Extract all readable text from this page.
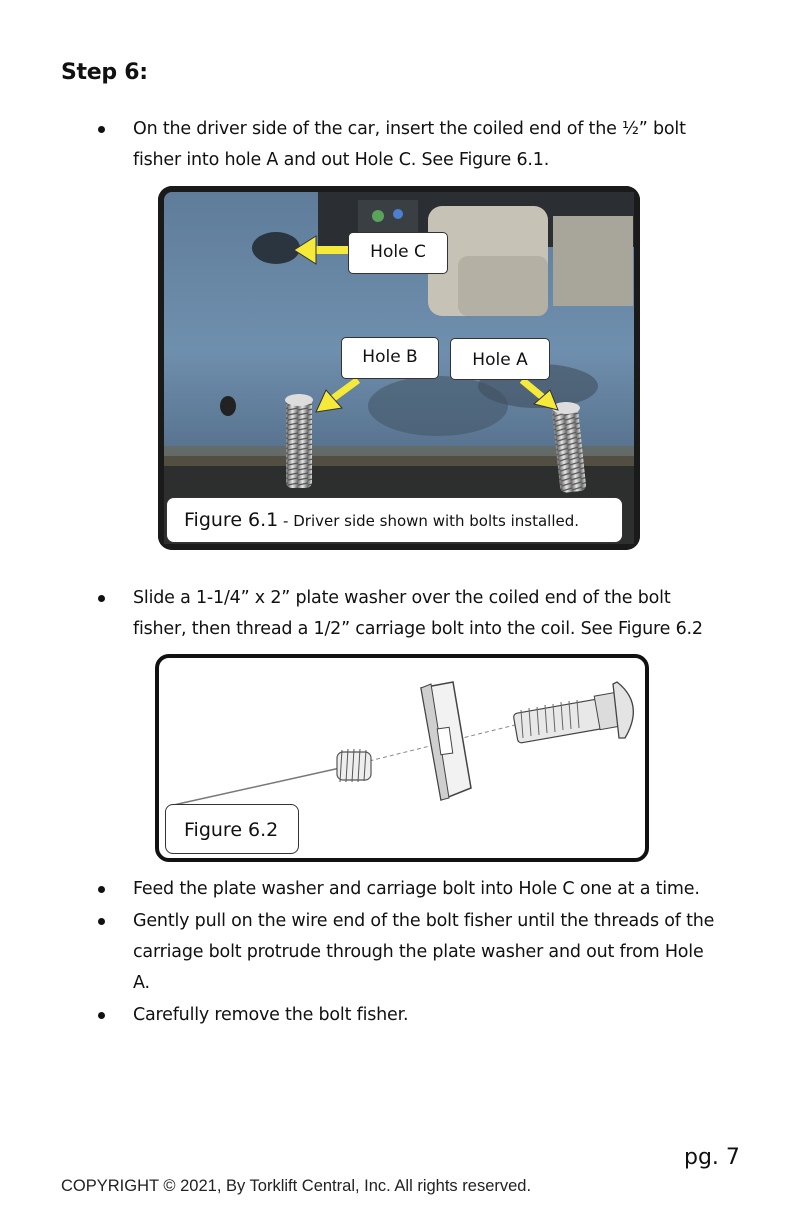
Step 6:
On the driver side of the car, insert the coiled end of the ½” bolt fisher into hole A and out Hole C. See Figure 6.1.
Hole C
Hole B	Hole A
Figure 6.1 - Driver side shown with bolts installed.
Slide a 1-1/4” x 2” plate washer over the coiled end of the bolt fisher, then thread a 1/2” carriage bolt into the coil. See Figure 6.2
Figure 6.2
Feed the plate washer and carriage bolt into Hole C one at a time.
Gently pull on the wire end of the bolt fisher until the threads of the carriage bolt protrude through the plate washer and out from Hole A.
Carefully remove the bolt fisher.
pg. 7
COPYRIGHT © 2021, By Torklift Central, Inc. All rights reserved.
